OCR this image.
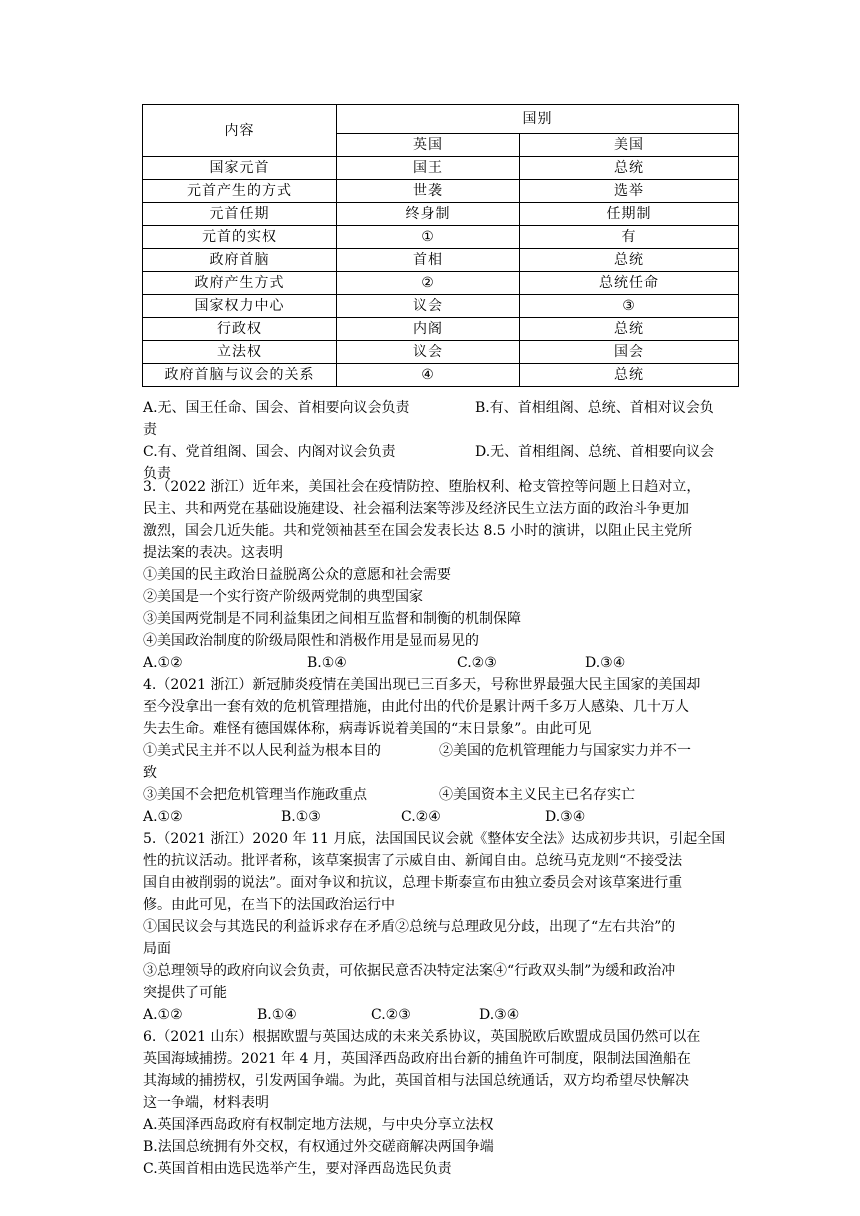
内容	国别	
	英国	美国
国家元首	国王	总统
元首产生的方式	世袭	选举
元首任期	终身制	任期制
元首的实权	①	有
政府首脑	首相	总统
政府产生方式	②	总统任命
国家权力中心	议会	③
行政权	内阁	总统
立法权	议会	国会
政府首脑与议会的关系	④	总统
A.无、国王任命、国会、首相要向议会负责	B.有、首相组阁、总统、首相对议会负
责
C.有、党首组阁、国会、内阁对议会负责	D.无、首相组阁、总统、首相要向议会
负责
3.（2022 浙江）近年来，美国社会在疫情防控、堕胎权利、枪支管控等问题上日趋对立，
民主、共和两党在基础设施建设、社会福利法案等涉及经济民生立法方面的政治斗争更加
激烈，国会几近失能。共和党领袖甚至在国会发表长达 8.5 小时的演讲，以阻止民主党所
提法案的表决。这表明
①美国的民主政治日益脱离公众的意愿和社会需要
②美国是一个实行资产阶级两党制的典型国家
③美国两党制是不同利益集团之间相互监督和制衡的机制保障
④美国政治制度的阶级局限性和消极作用是显而易见的
A.①②	B.①④	C.②③	D.③④
4.（2021 浙江）新冠肺炎疫情在美国出现已三百多天，号称世界最强大民主国家的美国却
至今没拿出一套有效的危机管理措施，由此付出的代价是累计两千多万人感染、几十万人
失去生命。难怪有德国媒体称，病毒诉说着美国的“末日景象”。由此可见
①美式民主并不以人民利益为根本目的	②美国的危机管理能力与国家实力并不一
致
③美国不会把危机管理当作施政重点	④美国资本主义民主已名存实亡
A.①②	B.①③	C.②④	D.③④
5.（2021 浙江）2020 年 11 月底，法国国民议会就《整体安全法》达成初步共识，引起全国
性的抗议活动。批评者称，该草案损害了示威自由、新闻自由。总统马克龙则“不接受法
国自由被削弱的说法”。面对争议和抗议，总理卡斯泰宣布由独立委员会对该草案进行重
修。由此可见，在当下的法国政治运行中
①国民议会与其选民的利益诉求存在矛盾②总统与总理政见分歧，出现了“左右共治”的
局面
③总理领导的政府向议会负责，可依据民意否决特定法案④“行政双头制”为缓和政治冲
突提供了可能
A.①②	B.①④	C.②③	D.③④
6.（2021 山东）根据欧盟与英国达成的未来关系协议，英国脱欧后欧盟成员国仍然可以在
英国海域捕捞。2021 年 4 月，英国泽西岛政府出台新的捕鱼许可制度，限制法国渔船在
其海域的捕捞权，引发两国争端。为此，英国首相与法国总统通话，双方均希望尽快解决
这一争端，材料表明
A.英国泽西岛政府有权制定地方法规，与中央分享立法权
B.法国总统拥有外交权，有权通过外交磋商解决两国争端
C.英国首相由选民选举产生，要对泽西岛选民负责
